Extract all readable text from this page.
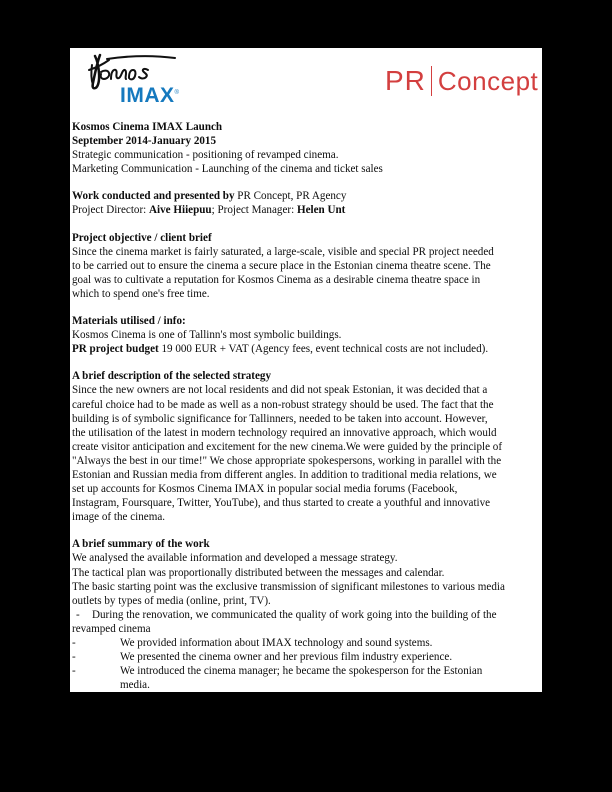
IMAX®	PR Concept
Kosmos Cinema IMAX Launch
September 2014-January 2015
Strategic communication - positioning of revamped cinema.
Marketing Communication - Launching of the cinema and ticket sales
Work conducted and presented by PR Concept, PR Agency
Project Director: Aive Hiiepuu; Project Manager: Helen Unt
Project objective / client brief
Since the cinema market is fairly saturated, a large-scale, visible and special PR project needed
to be carried out to ensure the cinema a secure place in the Estonian cinema theatre scene. The
goal was to cultivate a reputation for Kosmos Cinema as a desirable cinema theatre space in
which to spend one's free time.
Materials utilised / info:
Kosmos Cinema is one of Tallinn's most symbolic buildings.
PR project budget 19 000 EUR + VAT (Agency fees, event technical costs are not included).
A brief description of the selected strategy
Since the new owners are not local residents and did not speak Estonian, it was decided that a
careful choice had to be made as well as a non-robust strategy should be used. The fact that the
building is of symbolic significance for Tallinners, needed to be taken into account. However,
the utilisation of the latest in modern technology required an innovative approach, which would
create visitor anticipation and excitement for the new cinema.We were guided by the principle of
"Always the best in our time!" We chose appropriate spokespersons, working in parallel with the
Estonian and Russian media from different angles. In addition to traditional media relations, we
set up accounts for Kosmos Cinema IMAX in popular social media forums (Facebook,
Instagram, Foursquare, Twitter, YouTube), and thus started to create a youthful and innovative
image of the cinema.
A brief summary of the work
We analysed the available information and developed a message strategy.
The tactical plan was proportionally distributed between the messages and calendar.
The basic starting point was the exclusive transmission of significant milestones to various media
outlets by types of media (online, print, TV).
- During the renovation, we communicated the quality of work going into the building of the
revamped cinema
-	We provided information about IMAX technology and sound systems.
-	We presented the cinema owner and her previous film industry experience.
-	We introduced the cinema manager; he became the spokesperson for the Estonian
media.
